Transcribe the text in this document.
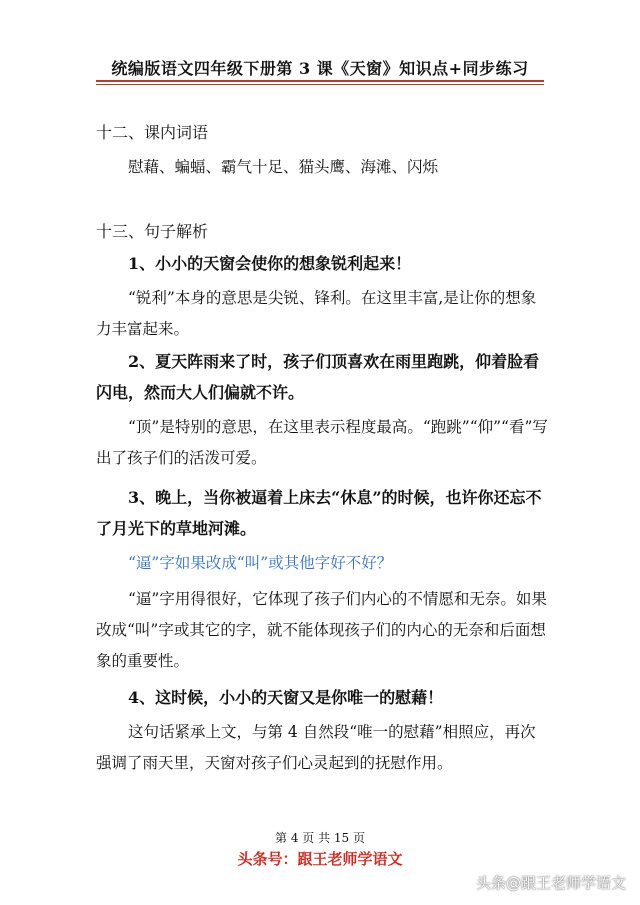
统编版语文四年级下册第 3 课《天窗》知识点+同步练习
十二、课内词语
慰藉、蝙蝠、霸气十足、猫头鹰、海滩、闪烁
十三、句子解析
1、小小的天窗会使你的想象锐利起来！
“锐利”本身的意思是尖锐、锋利。在这里丰富,是让你的想象力丰富起来。
2、夏天阵雨来了时，孩子们顶喜欢在雨里跑跳，仰着脸看闪电，然而大人们偏就不许。
“顶”是特别的意思，在这里表示程度最高。“跑跳”“仰”“看”写出了孩子们的活泼可爱。
3、晚上，当你被逼着上床去“休息”的时候，也许你还忘不了月光下的草地河滩。
“逼”字如果改成“叫”或其他字好不好？
“逼”字用得很好，它体现了孩子们内心的不情愿和无奈。如果改成“叫”字或其它的字，就不能体现孩子们的内心的无奈和后面想象的重要性。
4、这时候，小小的天窗又是你唯一的慰藉！
这句话紧承上文，与第 4 自然段“唯一的慰藉”相照应，再次强调了雨天里，天窗对孩子们心灵起到的抚慰作用。
第 4 页 共 15 页
头条号：跟王老师学语文
头条@跟王老师学语文
